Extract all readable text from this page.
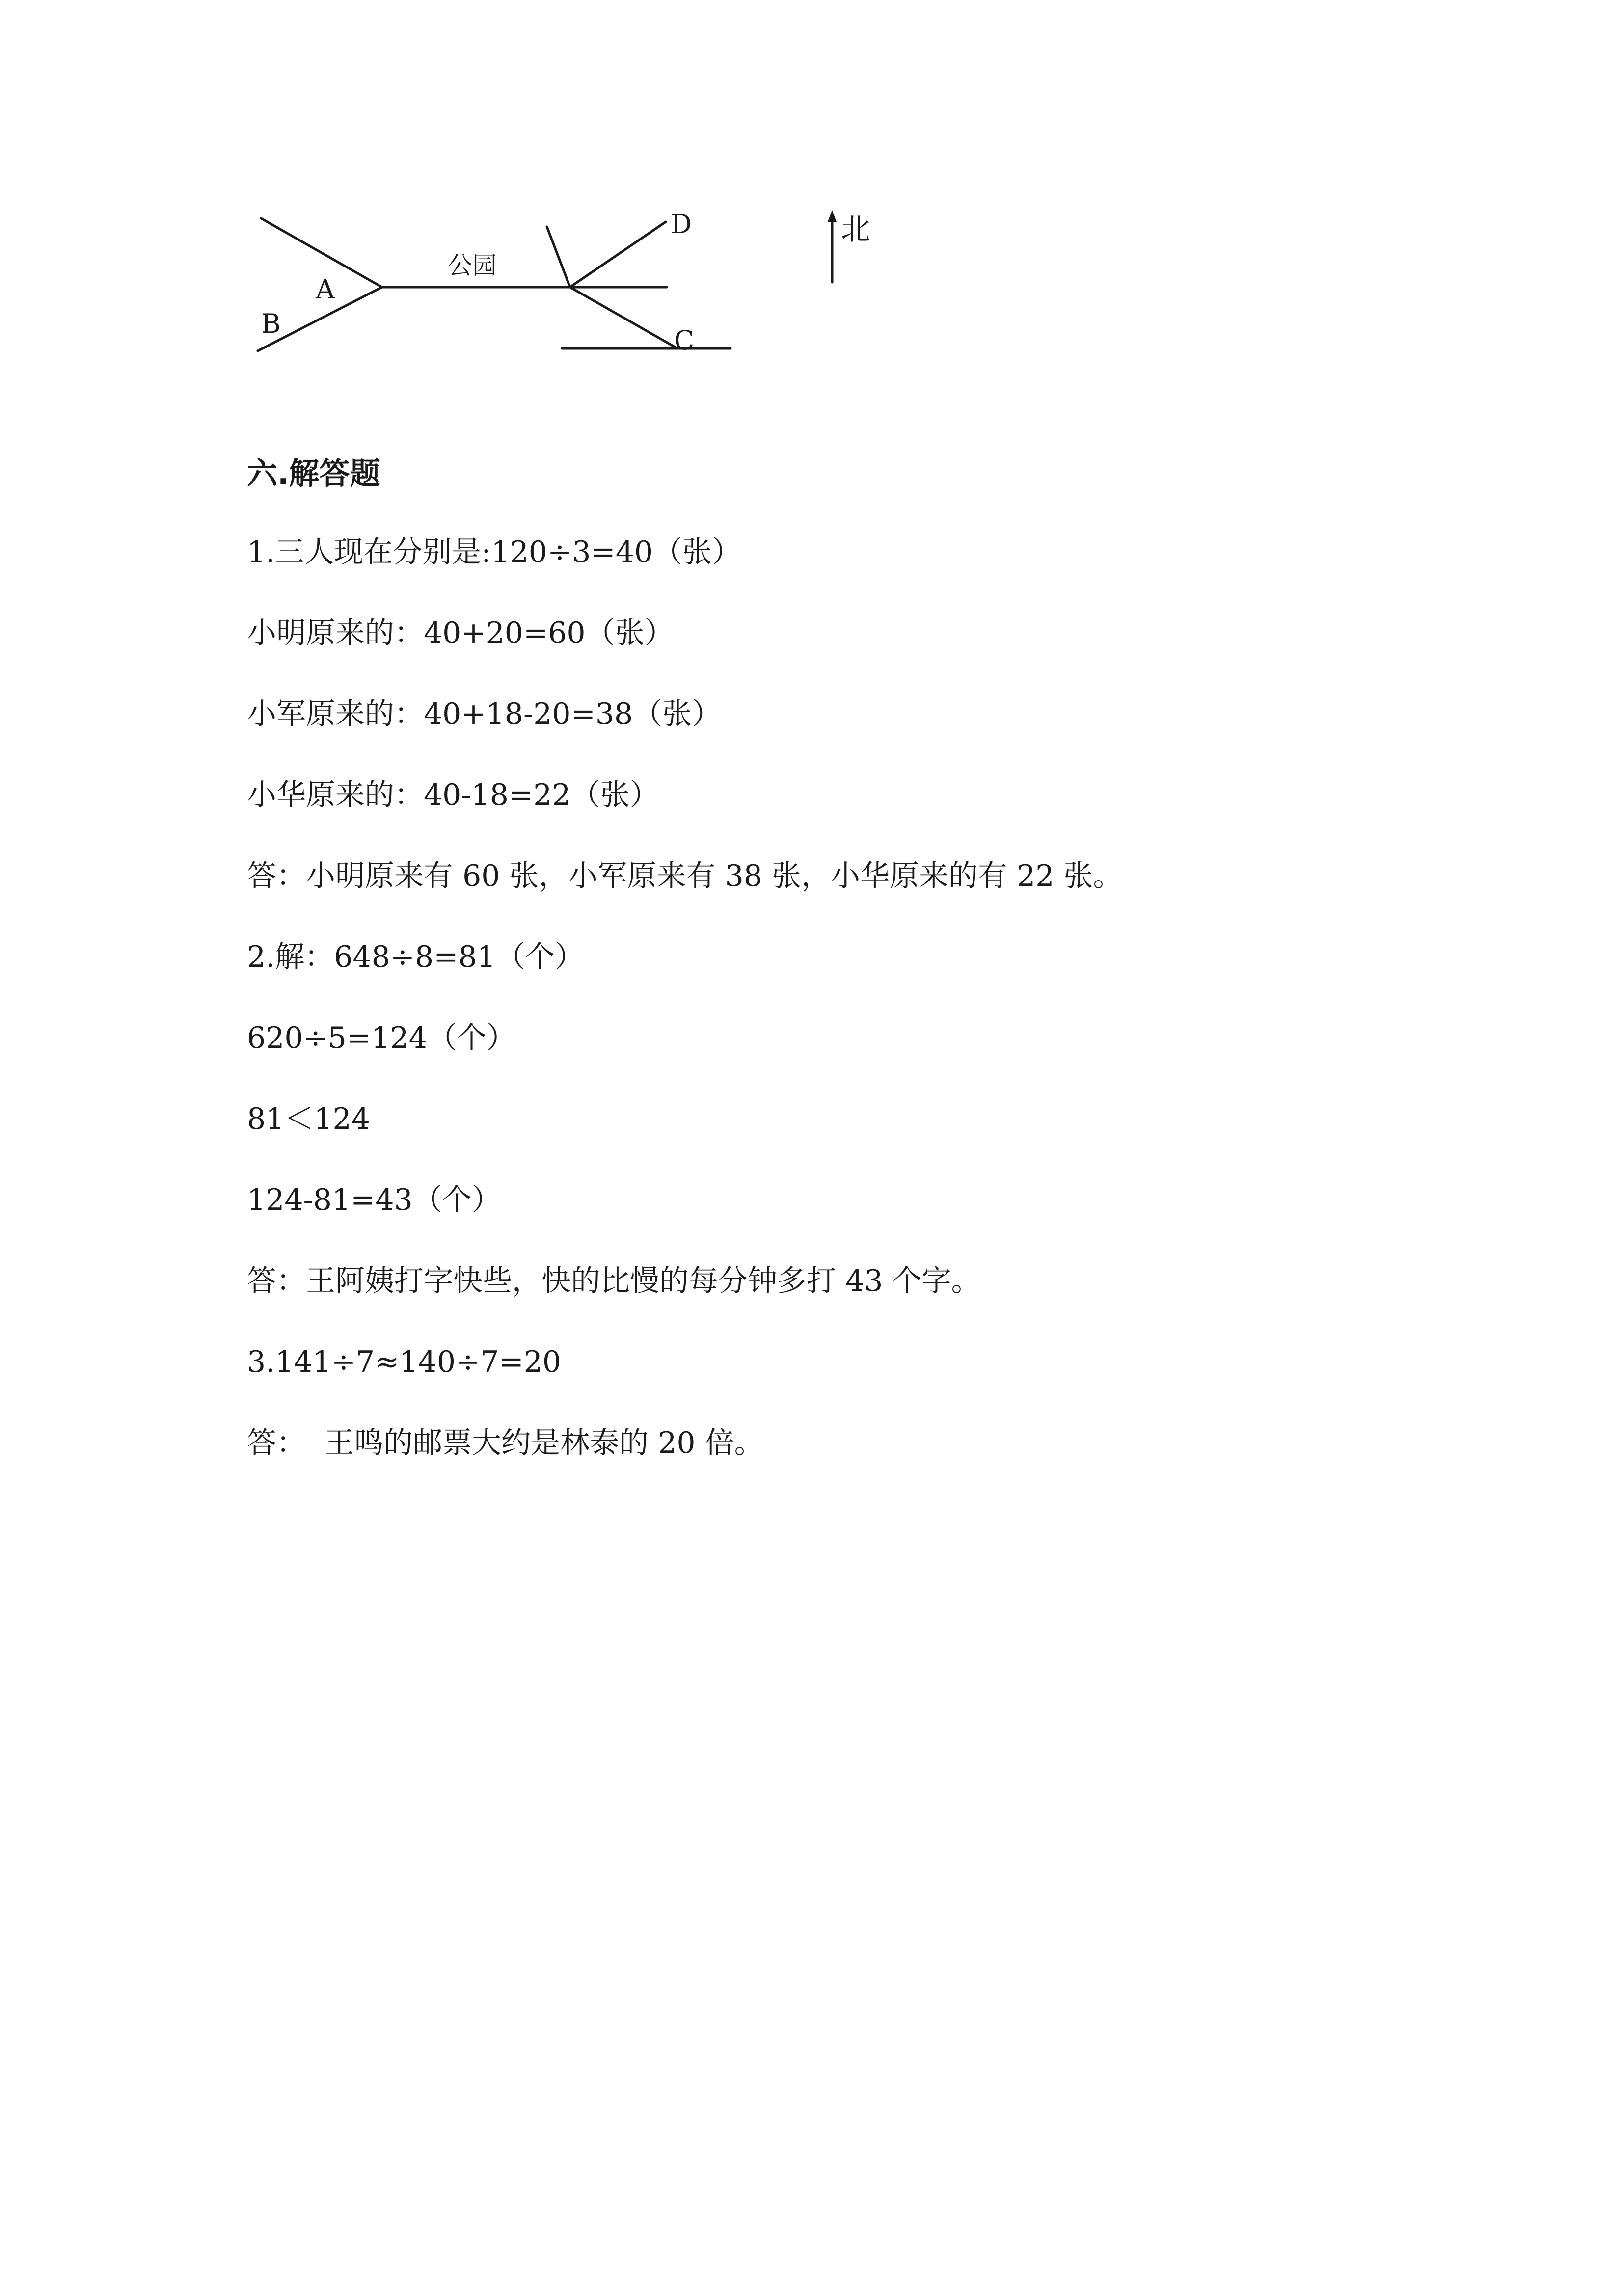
公园
A
B
C
D	北
六.解答题
1.三人现在分别是:120÷3=40（张）
小明原来的：40+20=60（张）
小军原来的：40+18-20=38（张）
小华原来的：40-18=22（张）
答：小明原来有 60 张，小军原来有 38 张，小华原来的有 22 张。
2.解：648÷8=81（个）
620÷5=124（个）
81＜124
124-81=43（个）
答：王阿姨打字快些，快的比慢的每分钟多打 43 个字。
3.141÷7≈140÷7=20
答：  王鸣的邮票大约是林泰的 20 倍。
